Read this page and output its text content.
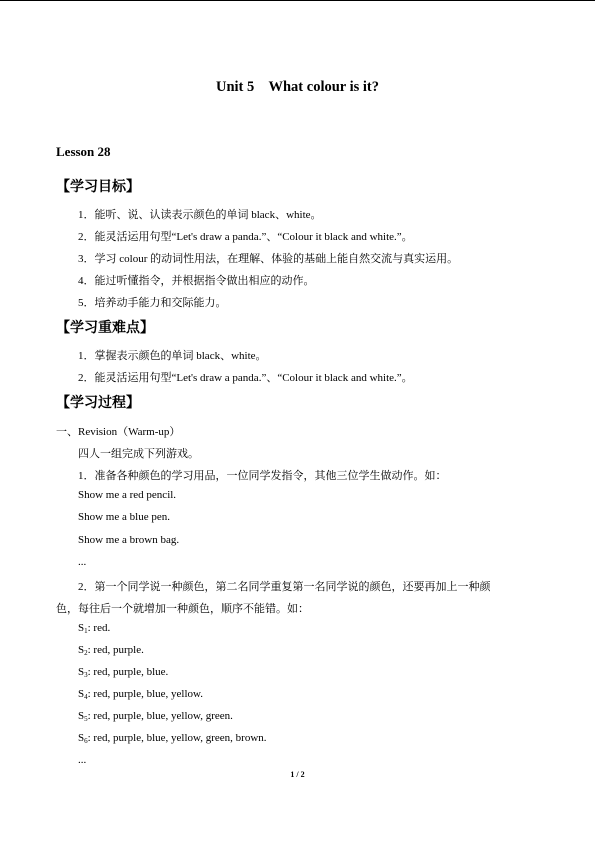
Unit 5    What colour is it?
Lesson 28
【学习目标】
1．能听、说、认读表示颜色的单词 black、white。
2．能灵活运用句型“Let's draw a panda.”、“Colour it black and white.”。
3．学习 colour 的动词性用法，在理解、体验的基础上能自然交流与真实运用。
4．能过听懂指令，并根据指令做出相应的动作。
5．培养动手能力和交际能力。
【学习重难点】
1．掌握表示颜色的单词 black、white。
2．能灵活运用句型“Let's draw a panda.”、“Colour it black and white.”。
【学习过程】
一、Revision（Warm-up）
四人一组完成下列游戏。
1．准备各种颜色的学习用品，一位同学发指令，其他三位学生做动作。如：
Show me a red pencil.
Show me a blue pen.
Show me a brown bag.
...
2．第一个同学说一种颜色，第二名同学重复第一名同学说的颜色，还要再加上一种颜
色，每往后一个就增加一种颜色，顺序不能错。如：
$S_1$: red.
$S_2$: red, purple.
$S_3$: red, purple, blue.
$S_4$: red, purple, blue, yellow.
$S_5$: red, purple, blue, yellow, green.
$S_6$: red, purple, blue, yellow, green, brown.
...
1 / 2
